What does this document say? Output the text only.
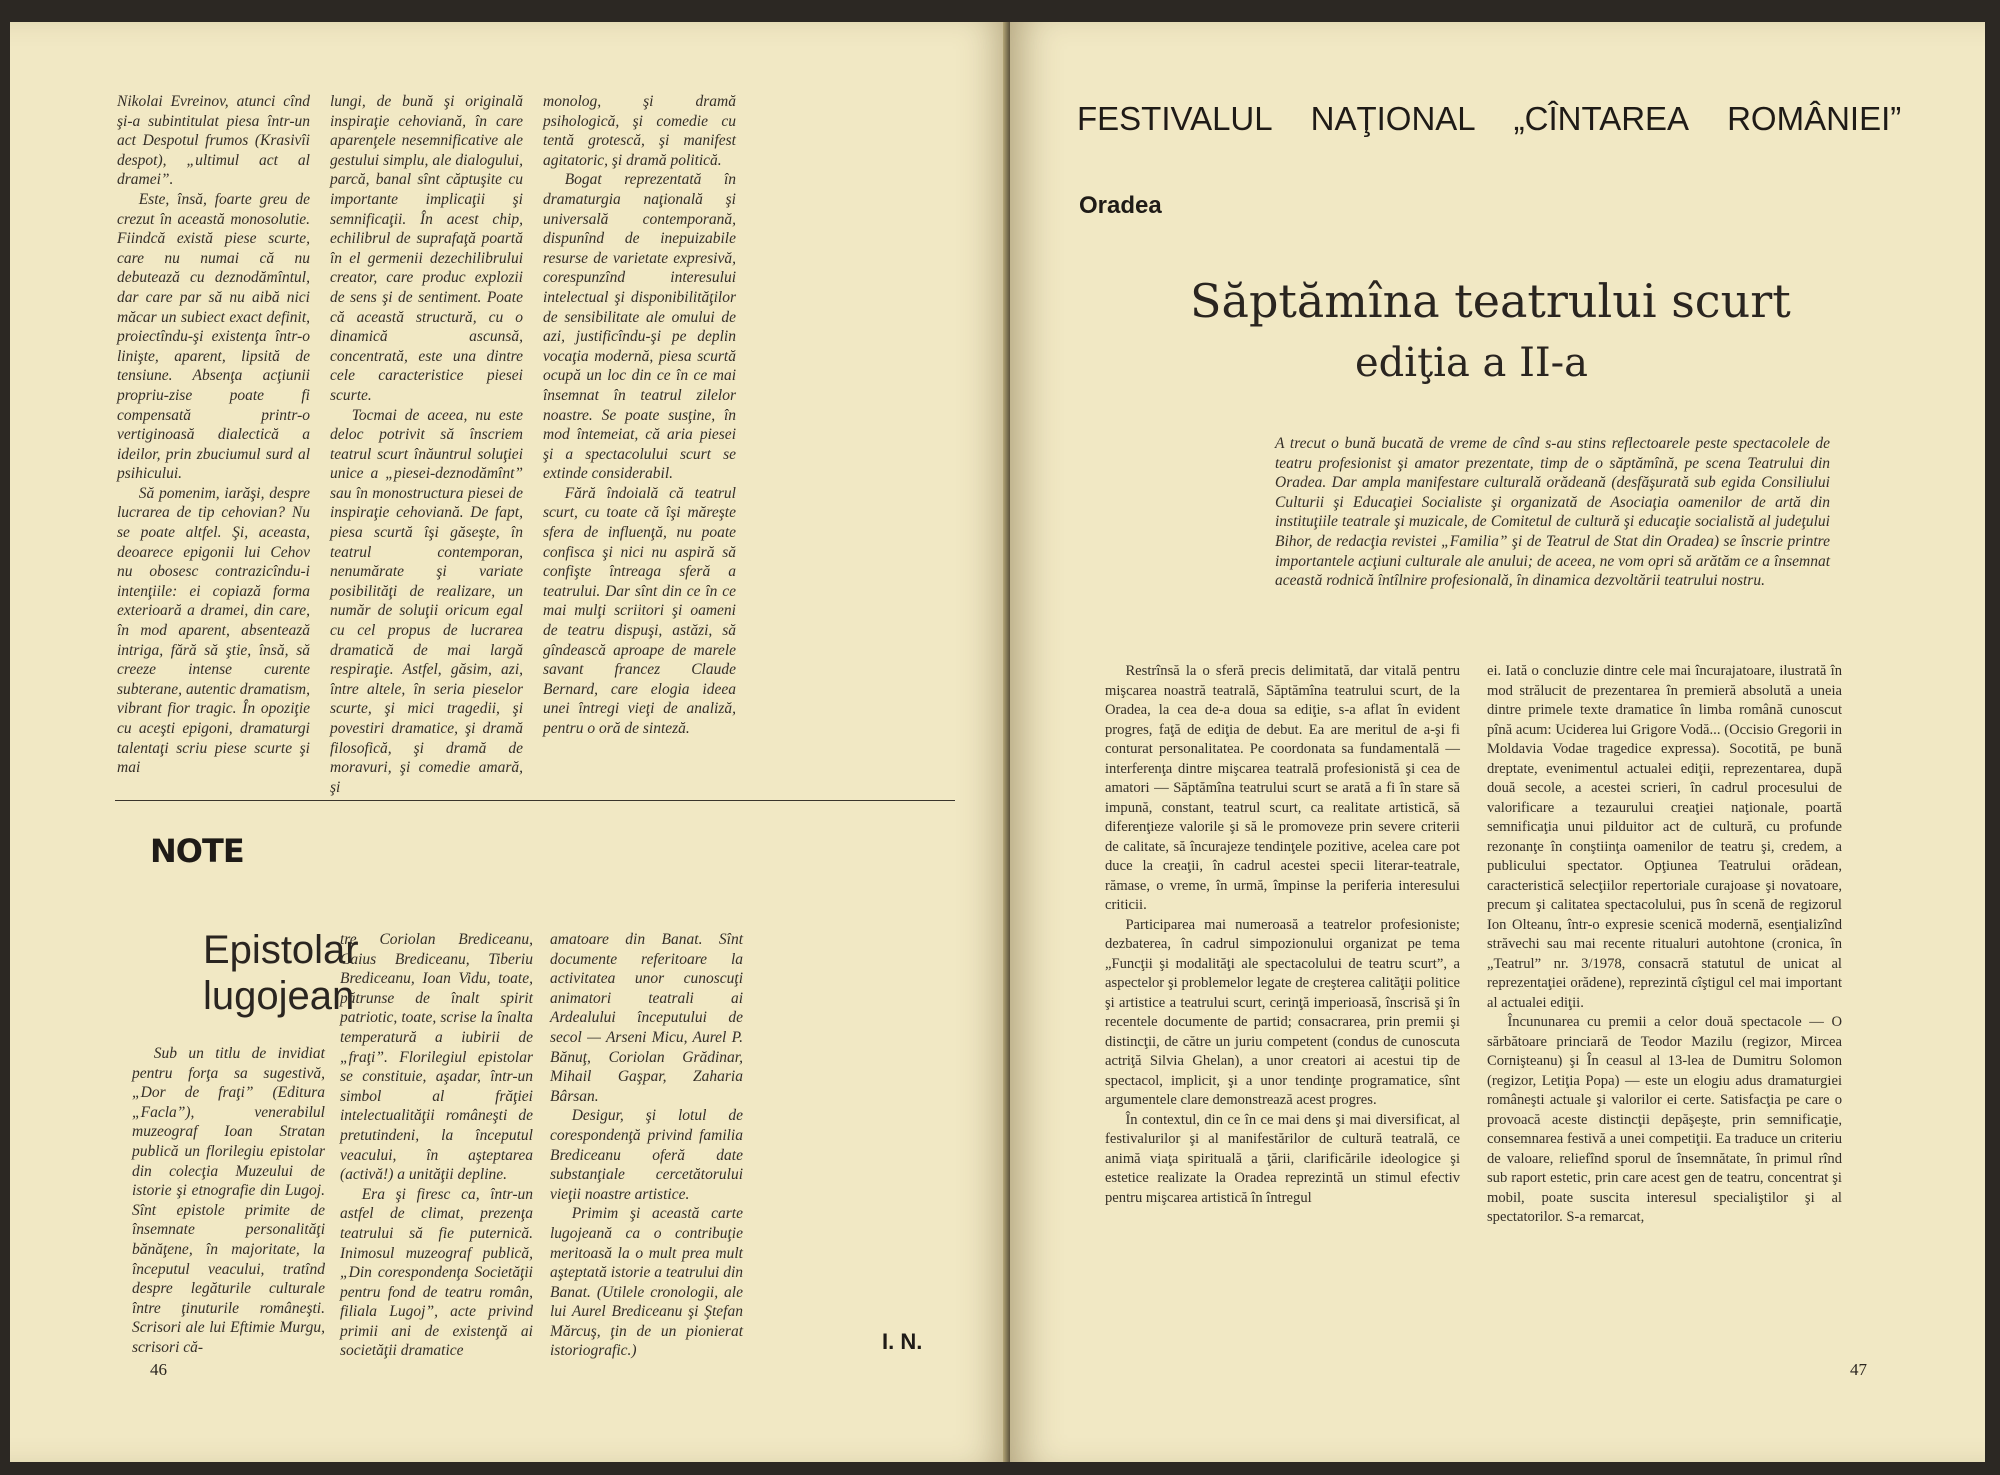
Nikolai Evreinov, atunci cînd şi-a subintitulat piesa într-un act Despotul frumos (Krasivîi despot), „ultimul act al dramei”.

Este, însă, foarte greu de crezut în această monosolutie. Fiindcă există piese scurte, care nu numai că nu debutează cu deznodămîntul, dar care par să nu aibă nici măcar un subiect exact definit, proiectîndu-şi existenţa într-o linişte, aparent, lipsită de tensiune. Absenţa acţiunii propriu-zise poate fi compensată printr-o vertiginoasă dialectică a ideilor, prin zbuciumul surd al psihicului.

Să pomenim, iarăşi, despre lucrarea de tip cehovian? Nu se poate altfel. Şi, aceasta, deoarece epigonii lui Cehov nu obosesc contrazicîndu-i intenţiile: ei copiază forma exterioară a dramei, din care, în mod aparent, absentează intriga, fără să ştie, însă, să creeze intense curente subterane, autentic dramatism, vibrant fior tragic. În opoziţie cu aceşti epigoni, dramaturgi talentaţi scriu piese scurte şi mai

lungi, de bună şi originală inspiraţie cehoviană, în care aparenţele nesemnificative ale gestului simplu, ale dialogului, parcă, banal sînt căptuşite cu importante implicaţii şi semnificaţii. În acest chip, echilibrul de suprafaţă poartă în el germenii dezechilibrului creator, care produc explozii de sens şi de sentiment. Poate că această structură, cu o dinamică ascunsă, concentrată, este una dintre cele caracteristice piesei scurte.

Tocmai de aceea, nu este deloc potrivit să înscriem teatrul scurt înăuntrul soluţiei unice a „piesei-deznodămînt” sau în monostructura piesei de inspiraţie cehoviană. De fapt, piesa scurtă îşi găseşte, în teatrul contemporan, nenumărate şi variate posibilităţi de realizare, un număr de soluţii oricum egal cu cel propus de lucrarea dramatică de mai largă respiraţie. Astfel, găsim, azi, între altele, în seria pieselor scurte, şi mici tragedii, şi povestiri dramatice, şi dramă filosofică, şi dramă de moravuri, şi comedie amară, şi

monolog, şi dramă psihologică, şi comedie cu tentă grotescă, şi manifest agitatoric, şi dramă politică.

Bogat reprezentată în dramaturgia naţională şi universală contemporană, dispunînd de inepuizabile resurse de varietate expresivă, corespunzînd interesului intelectual şi disponibilităţilor de sensibilitate ale omului de azi, justificîndu-şi pe deplin vocaţia modernă, piesa scurtă ocupă un loc din ce în ce mai însemnat în teatrul zilelor noastre. Se poate susţine, în mod întemeiat, că aria piesei şi a spectacolului scurt se extinde considerabil.

Fără îndoială că teatrul scurt, cu toate că îşi măreşte sfera de influenţă, nu poate confisca şi nici nu aspiră să confişte întreaga sferă a teatrului. Dar sînt din ce în ce mai mulţi scriitori şi oameni de teatru dispuşi, astăzi, să gîndească aproape de marele savant francez Claude Bernard, care elogia ideea unei întregi vieţi de analiză, pentru o oră de sinteză.

NOTE
Epistolar
lugojean

Sub un titlu de invidiat pentru forţa sa sugestivă, „Dor de fraţi” (Editura „Facla”), venerabilul muzeograf Ioan Stratan publică un florilegiu epistolar din colecţia Muzeului de istorie şi etnografie din Lugoj. Sînt epistole primite de însemnate personalităţi bănăţene, în majoritate, la începutul veacului, tratînd despre legăturile culturale între ţinuturile româneşti. Scrisori ale lui Eftimie Murgu, scrisori că-

tre Coriolan Brediceanu, Caius Brediceanu, Tiberiu Brediceanu, Ioan Vidu, toate, pătrunse de înalt spirit patriotic, toate, scrise la înalta temperatură a iubirii de „fraţi”. Florilegiul epistolar se constituie, aşadar, într-un simbol al frăţiei intelectualităţii româneşti de pretutindeni, la începutul veacului, în aşteptarea (activă!) a unităţii depline.

Era şi firesc ca, într-un astfel de climat, prezenţa teatrului să fie puternică. Inimosul muzeograf publică, „Din corespondenţa Societăţii pentru fond de teatru român, filiala Lugoj”, acte privind primii ani de existenţă ai societăţii dramatice

amatoare din Banat. Sînt documente referitoare la activitatea unor cunoscuţi animatori teatrali ai Ardealului începutului de secol — Arseni Micu, Aurel P. Bănuţ, Coriolan Grădinar, Mihail Gaşpar, Zaharia Bârsan.

Desigur, şi lotul de corespondenţă privind familia Brediceanu oferă date substanţiale cercetătorului vieţii noastre artistice.

Primim şi această carte lugojeană ca o contribuţie meritoasă la o mult prea mult aşteptată istorie a teatrului din Banat. (Utilele cronologii, ale lui Aurel Brediceanu şi Ştefan Mărcuş, ţin de un pionierat istoriografic.)	I. N.
46
FESTIVALUL NAŢIONAL „CÎNTAREA ROMÂNIEI”
Oradea
Săptămîna teatrului scurt
ediţia a II-a
A trecut o bună bucată de vreme de cînd s-au stins reflectoarele peste spectacolele de teatru profesionist şi amator prezentate, timp de o săptămînă, pe scena Teatrului din Oradea. Dar ampla manifestare culturală orădeană (desfăşurată sub egida Consiliului Culturii şi Educaţiei Socialiste şi organizată de Asociaţia oamenilor de artă din instituţiile teatrale şi muzicale, de Comitetul de cultură şi educaţie socialistă al judeţului Bihor, de redacţia revistei „Familia” şi de Teatrul de Stat din Oradea) se înscrie printre importantele acţiuni culturale ale anului; de aceea, ne vom opri să arătăm ce a însemnat această rodnică întîlnire profesională, în dinamica dezvoltării teatrului nostru.

Restrînsă la o sferă precis delimitată, dar vitală pentru mişcarea noastră teatrală, Săptămîna teatrului scurt, de la Oradea, la cea de-a doua sa ediţie, s-a aflat în evident progres, faţă de ediţia de debut. Ea are meritul de a-şi fi conturat personalitatea. Pe coordonata sa fundamentală — interferenţa dintre mişcarea teatrală profesionistă şi cea de amatori — Săptămîna teatrului scurt se arată a fi în stare să impună, constant, teatrul scurt, ca realitate artistică, să diferenţieze valorile şi să le promoveze prin severe criterii de calitate, să încurajeze tendinţele pozitive, acelea care pot duce la creaţii, în cadrul acestei specii literar-teatrale, rămase, o vreme, în urmă, împinse la periferia interesului criticii.

Participarea mai numeroasă a teatrelor profesioniste; dezbaterea, în cadrul simpozionului organizat pe tema „Funcţii şi modalităţi ale spectacolului de teatru scurt”, a aspectelor şi problemelor legate de creşterea calităţii politice şi artistice a teatrului scurt, cerinţă imperioasă, înscrisă şi în recentele documente de partid; consacrarea, prin premii şi distincţii, de către un juriu competent (condus de cunoscuta actriţă Silvia Ghelan), a unor creatori ai acestui tip de spectacol, implicit, şi a unor tendinţe programatice, sînt argumentele clare demonstrează acest progres.

În contextul, din ce în ce mai dens şi mai diversificat, al festivalurilor şi al manifestărilor de cultură teatrală, ce animă viaţa spirituală a ţării, clarificările ideologice şi estetice realizate la Oradea reprezintă un stimul efectiv pentru mişcarea artistică în întregul

ei. Iată o concluzie dintre cele mai încurajatoare, ilustrată în mod strălucit de prezentarea în premieră absolută a uneia dintre primele texte dramatice în limba română cunoscut pînă acum: Uciderea lui Grigore Vodă... (Occisio Gregorii in Moldavia Vodae tragedice expressa). Socotită, pe bună dreptate, evenimentul actualei ediţii, reprezentarea, după două secole, a acestei scrieri, în cadrul procesului de valorificare a tezaurului creaţiei naţionale, poartă semnificaţia unui pilduitor act de cultură, cu profunde rezonanţe în conştiinţa oamenilor de teatru şi, credem, a publicului spectator. Opţiunea Teatrului orădean, caracteristică selecţiilor repertoriale curajoase şi novatoare, precum şi calitatea spectacolului, pus în scenă de regizorul Ion Olteanu, într-o expresie scenică modernă, esenţializînd străvechi sau mai recente ritualuri autohtone (cronica, în „Teatrul” nr. 3/1978, consacră statutul de unicat al reprezentaţiei orădene), reprezintă cîştigul cel mai important al actualei ediţii.

Încununarea cu premii a celor două spectacole — O sărbătoare princiară de Teodor Mazilu (regizor, Mircea Cornişteanu) şi În ceasul al 13-lea de Dumitru Solomon (regizor, Letiţia Popa) — este un elogiu adus dramaturgiei româneşti actuale şi valorilor ei certe. Satisfacţia pe care o provoacă aceste distincţii depăşeşte, prin semnificaţie, consemnarea festivă a unei competiţii. Ea traduce un criteriu de valoare, reliefînd sporul de însemnătate, în primul rînd sub raport estetic, prin care acest gen de teatru, concentrat şi mobil, poate suscita interesul specialiştilor şi al spectatorilor. S-a remarcat,

47
